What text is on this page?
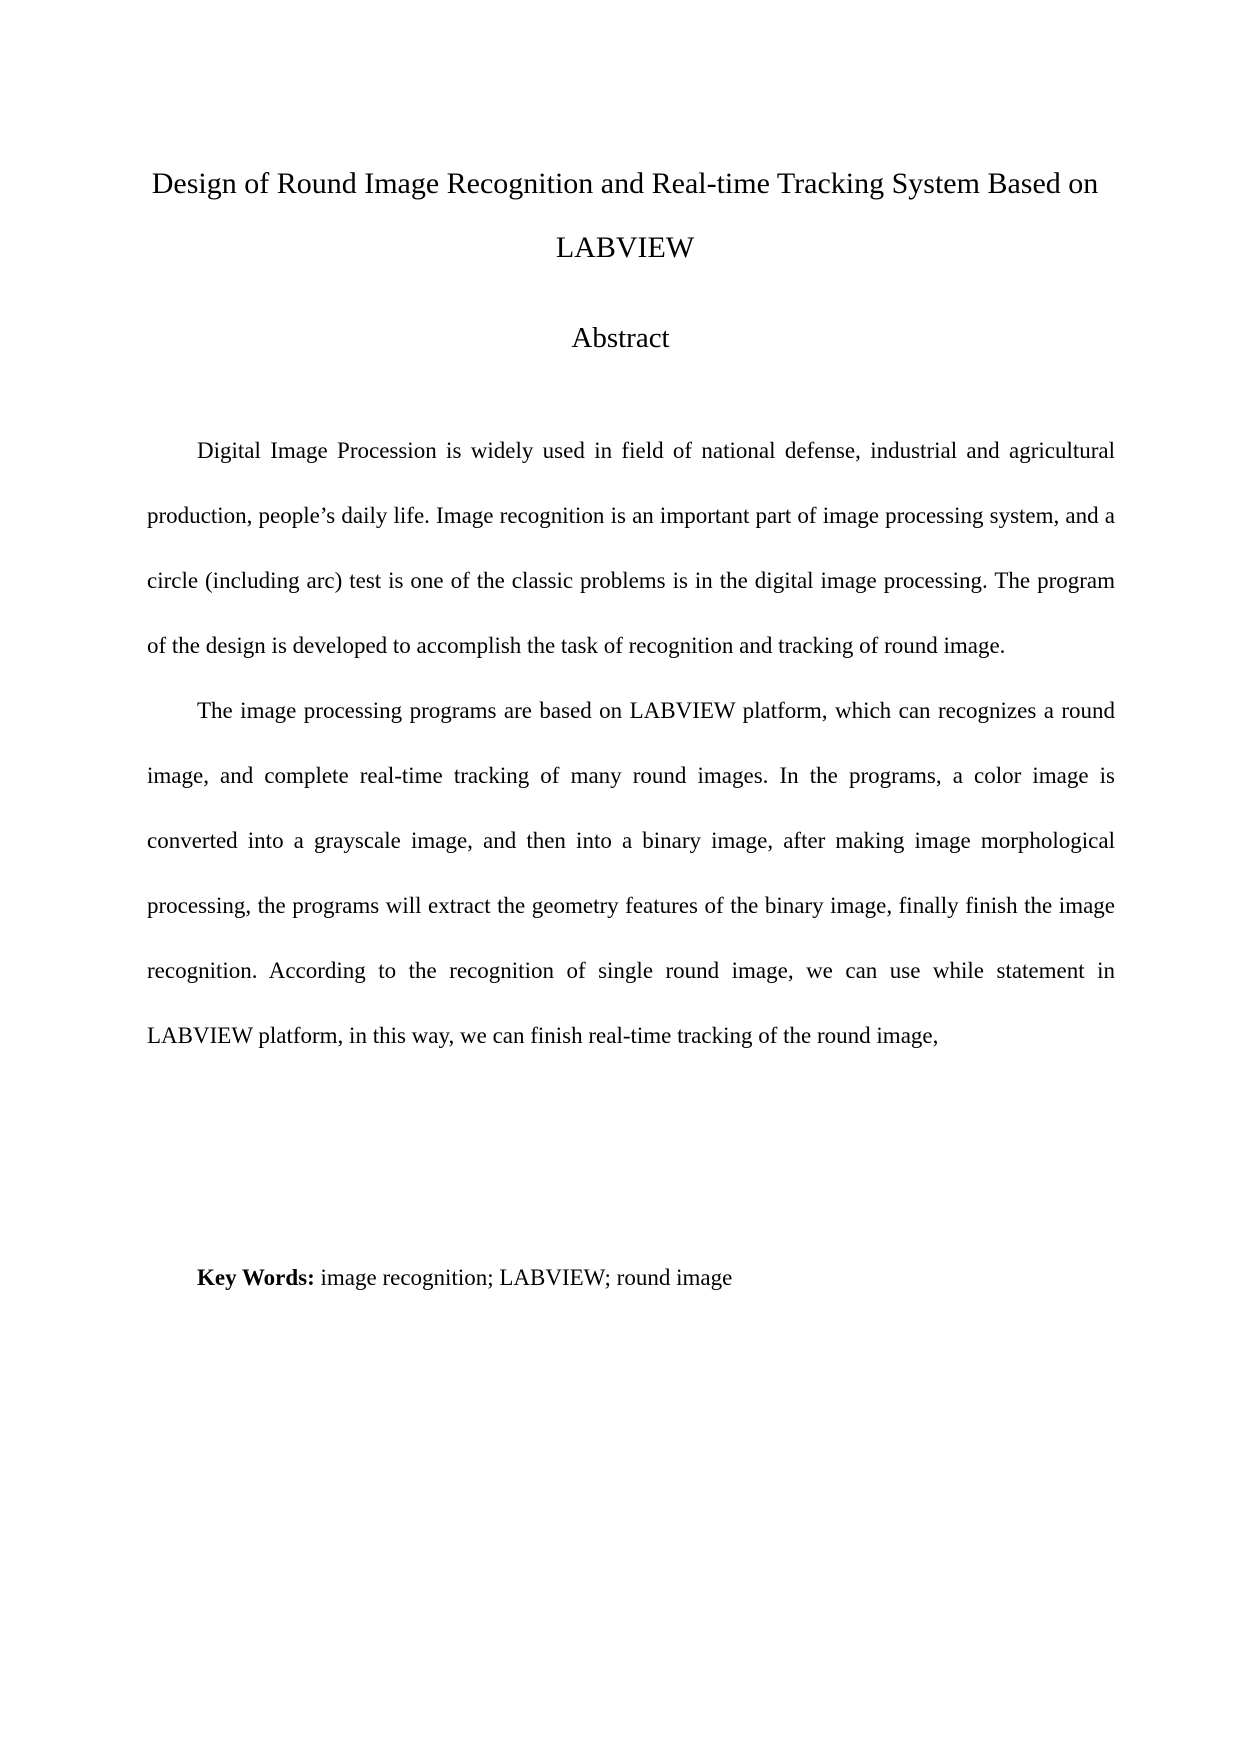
Design of Round Image Recognition and Real-time Tracking System Based on LABVIEW
Abstract

Digital Image Procession is widely used in field of national defense, industrial and agricultural production, people’s daily life. Image recognition is an important part of image processing system, and a circle (including arc) test is one of the classic problems is in the digital image processing. The program of the design is developed to accomplish the task of recognition and tracking of round image.

The image processing programs are based on LABVIEW platform, which can recognizes a round image, and complete real-time tracking of many round images. In the programs, a color image is converted into a grayscale image, and then into a binary image, after making image morphological processing, the programs will extract the geometry features of the binary image, finally finish the image recognition. According to the recognition of single round image, we can use while statement in LABVIEW platform, in this way, we can finish real-time tracking of the round image,

Key Words: image recognition; LABVIEW; round image
